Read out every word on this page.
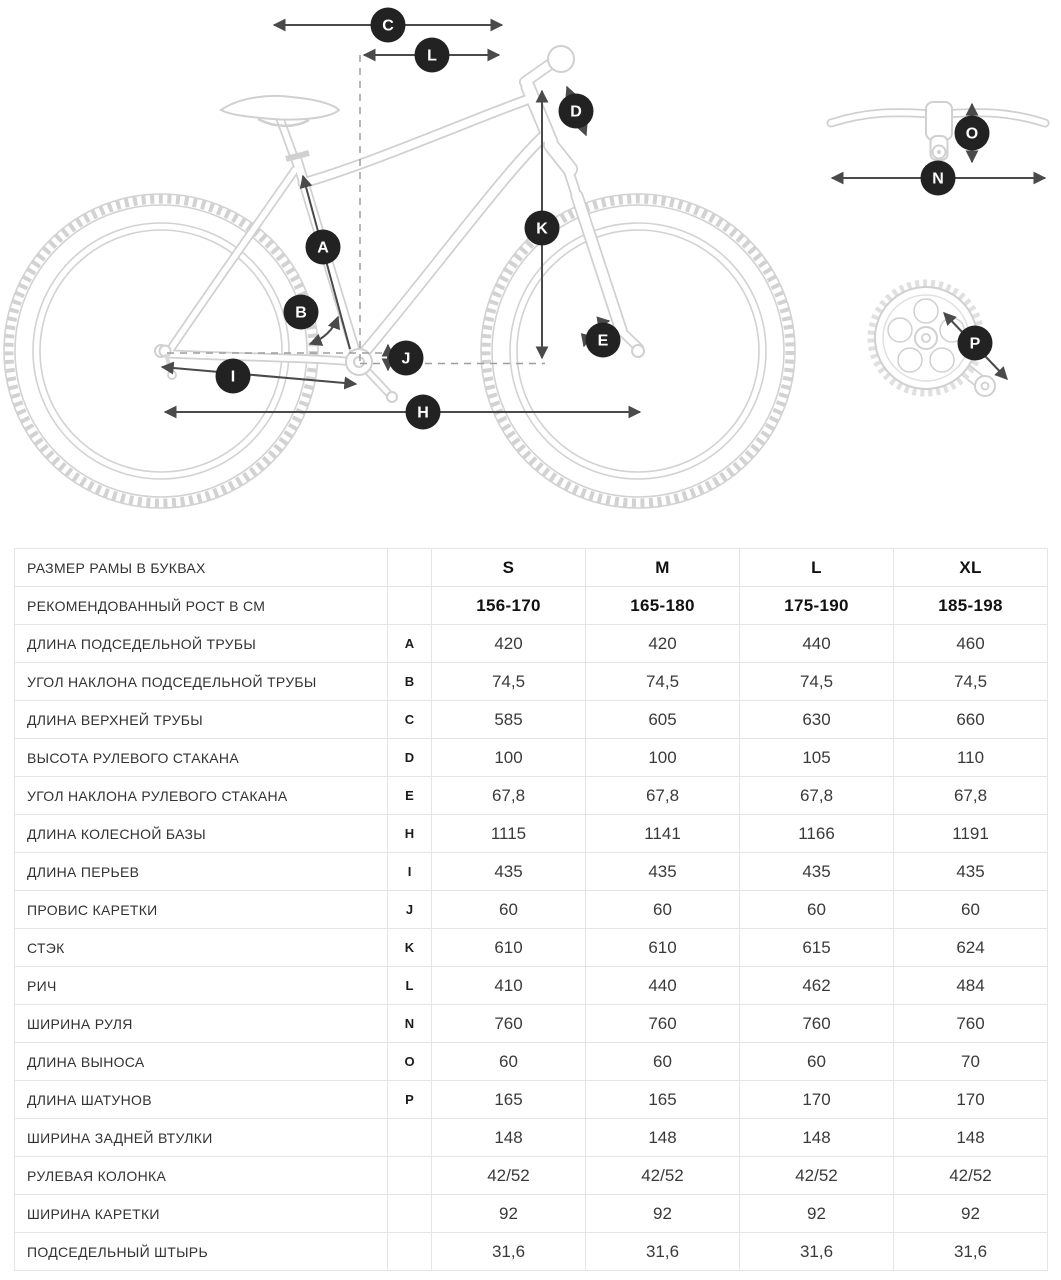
C
L
D
K
A
B
E
J
I
H
O
N
P
РАЗМЕР РАМЫ В БУКВАХ		S	M	L	XL
РЕКОМЕНДОВАННЫЙ РОСТ В СМ		156-170	165-180	175-190	185-198
ДЛИНА ПОДСЕДЕЛЬНОЙ ТРУБЫ	A	420	420	440	460
УГОЛ НАКЛОНА ПОДСЕДЕЛЬНОЙ ТРУБЫ	B	74,5	74,5	74,5	74,5
ДЛИНА ВЕРХНЕЙ ТРУБЫ	C	585	605	630	660
ВЫСОТА РУЛЕВОГО СТАКАНА	D	100	100	105	110
УГОЛ НАКЛОНА РУЛЕВОГО СТАКАНА	E	67,8	67,8	67,8	67,8
ДЛИНА КОЛЕСНОЙ БАЗЫ	H	1115	1141	1166	1191
ДЛИНА ПЕРЬЕВ	I	435	435	435	435
ПРОВИС КАРЕТКИ	J	60	60	60	60
СТЭК	K	610	610	615	624
РИЧ	L	410	440	462	484
ШИРИНА РУЛЯ	N	760	760	760	760
ДЛИНА ВЫНОСА	O	60	60	60	70
ДЛИНА ШАТУНОВ	P	165	165	170	170
ШИРИНА ЗАДНЕЙ ВТУЛКИ		148	148	148	148
РУЛЕВАЯ КОЛОНКА		42/52	42/52	42/52	42/52
ШИРИНА КАРЕТКИ		92	92	92	92
ПОДСЕДЕЛЬНЫЙ ШТЫРЬ		31,6	31,6	31,6	31,6
